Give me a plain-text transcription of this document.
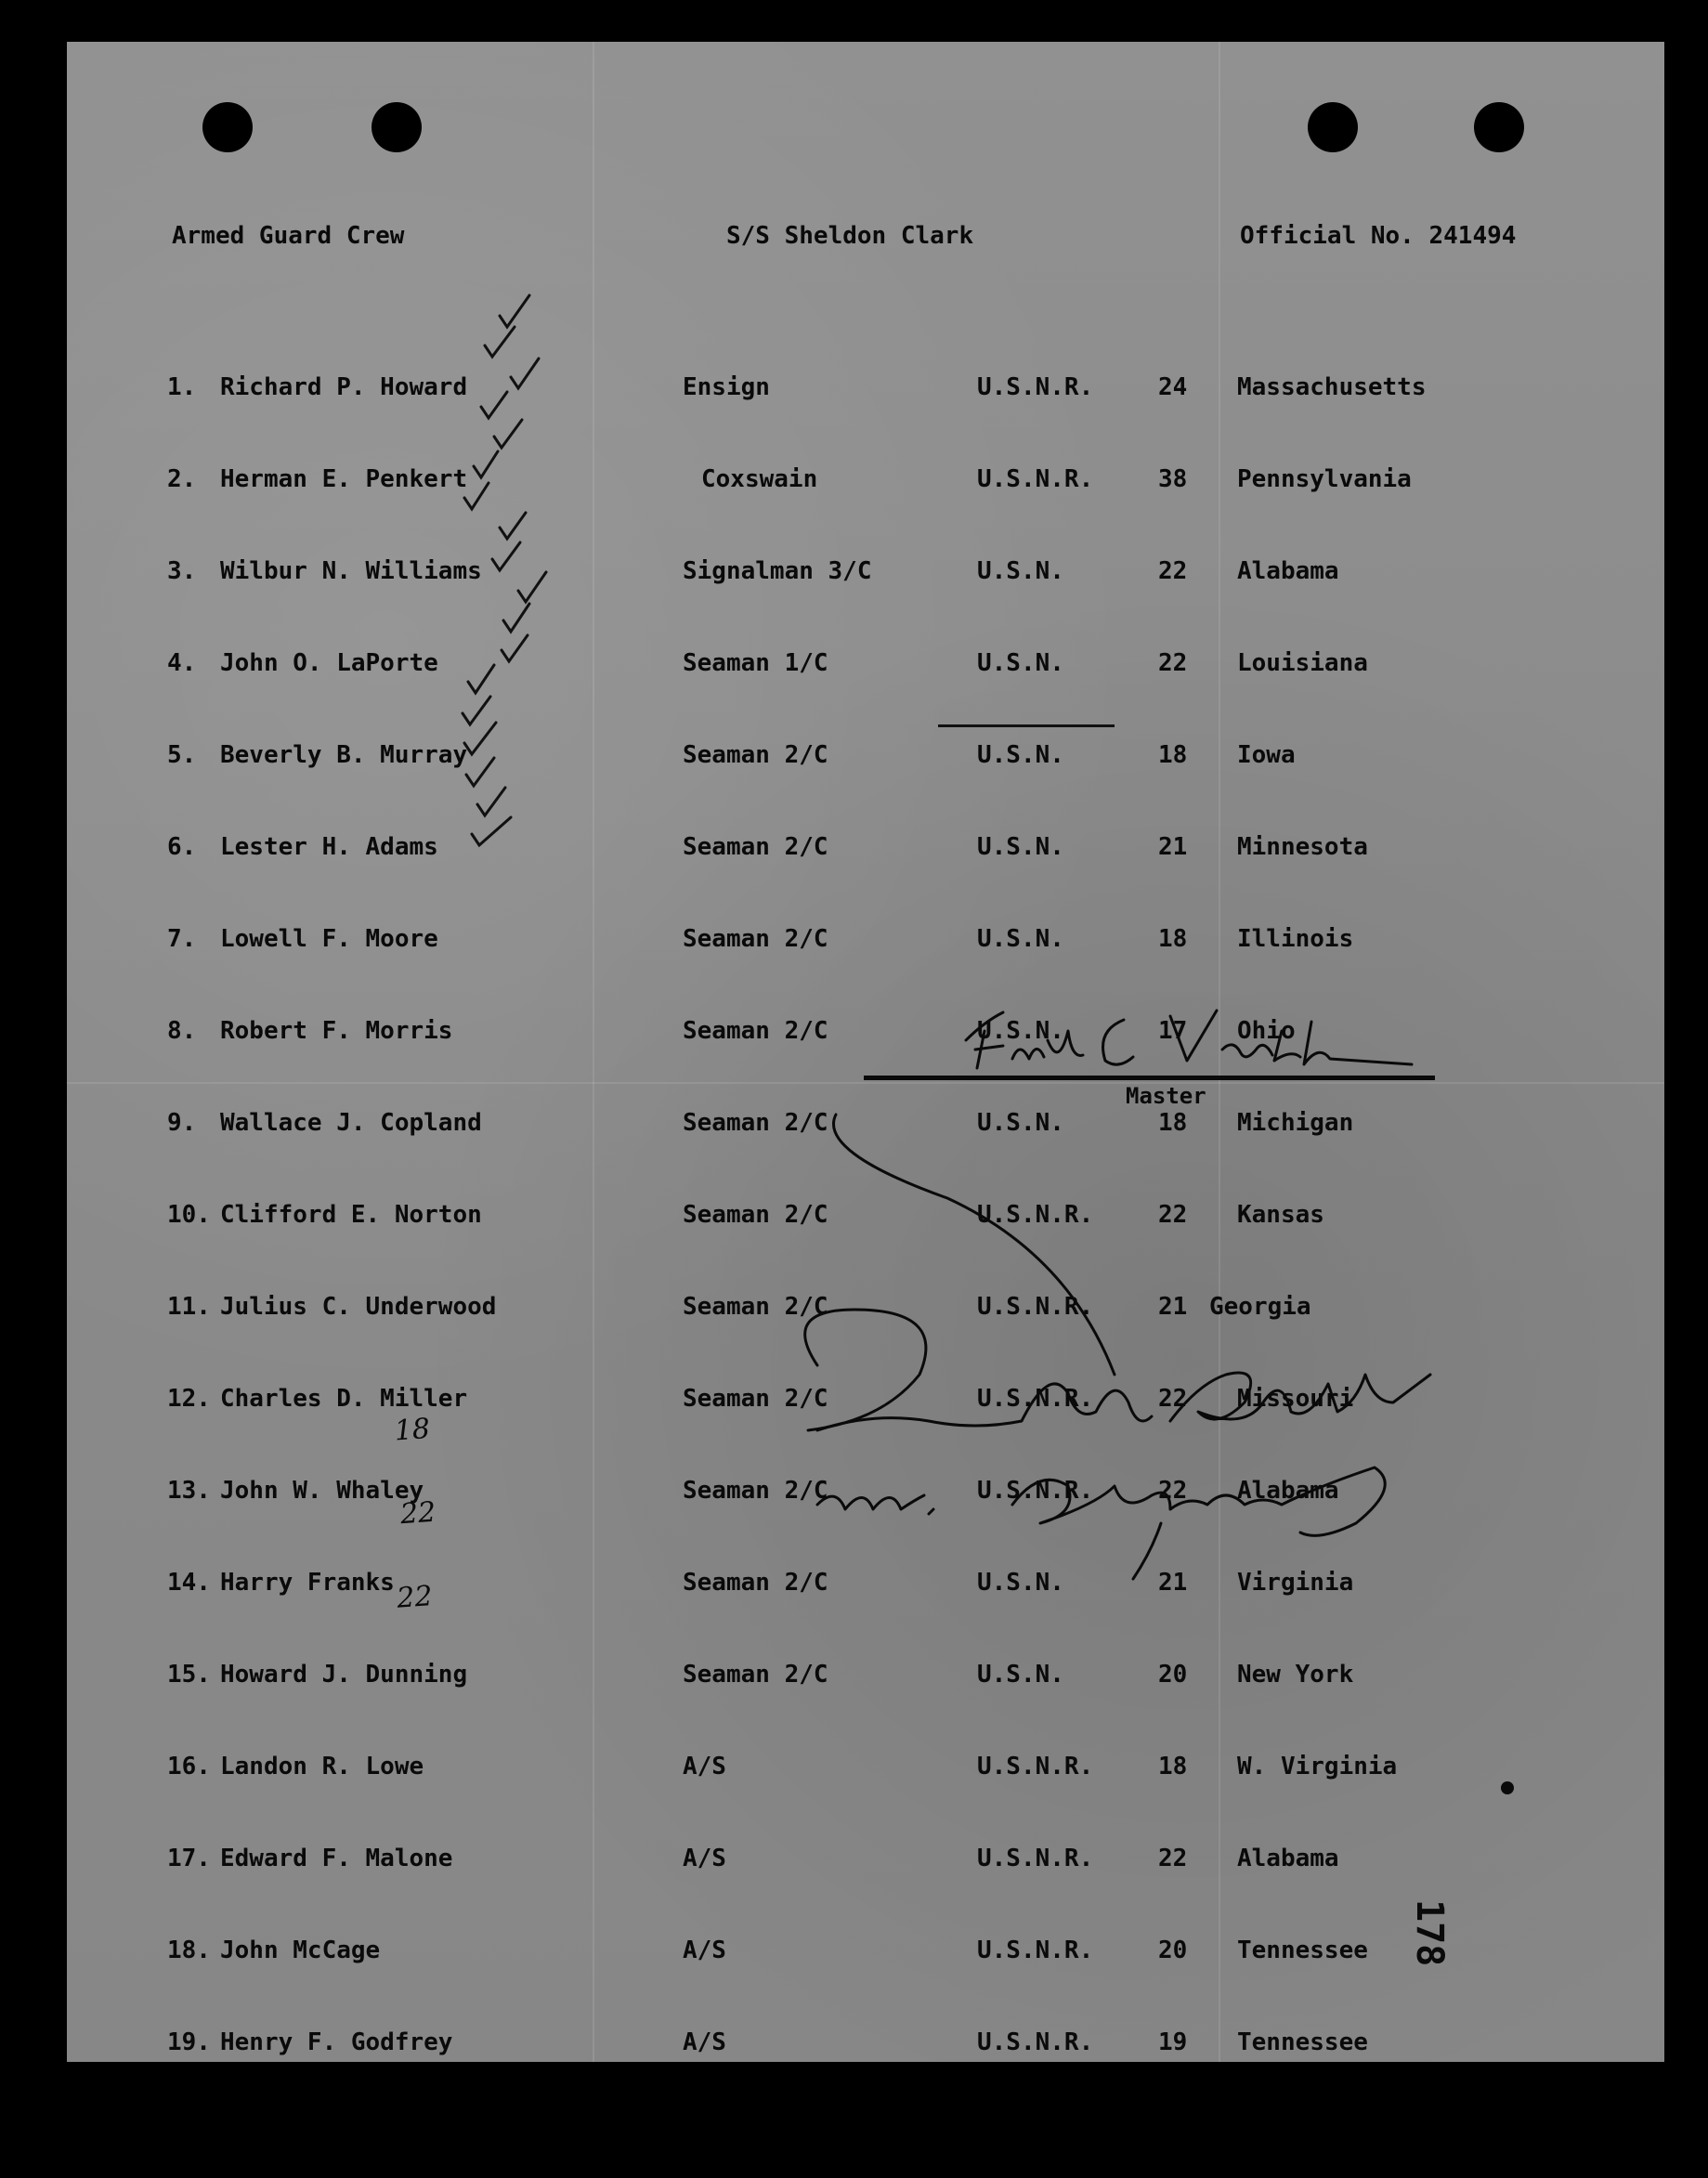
Armed Guard Crew	S/S Sheldon Clark	Official No. 241494

1.

2.

3.

4.

5.

6.

7.

8.

9.

10.

11.

12.

13.

14.

15.

16.

17.

18.

19.

Richard P. Howard

Herman E. Penkert

Wilbur N. Williams

John O. LaPorte

Beverly B. Murray

Lester H. Adams

Lowell F. Moore

Robert F. Morris

Wallace J. Copland

Clifford E. Norton

Julius C. Underwood

Charles D. Miller

John W. Whaley

Harry Franks

Howard J. Dunning

Landon R. Lowe

Edward F. Malone

John McCage

Henry F. Godfrey

Ensign

Coxswain

Signalman 3/C

Seaman 1/C

Seaman 2/C

Seaman 2/C

Seaman 2/C

Seaman 2/C

Seaman 2/C

Seaman 2/C

Seaman 2/C

Seaman 2/C

Seaman 2/C

Seaman 2/C

Seaman 2/C

A/S

A/S

A/S

A/S

U.S.N.R.

U.S.N.R.

U.S.N.

U.S.N.

U.S.N.

U.S.N.

U.S.N.

U.S.N.

U.S.N.

U.S.N.R.

U.S.N.R.

U.S.N.R.

U.S.N.R.

U.S.N.

U.S.N.

U.S.N.R.

U.S.N.R.

U.S.N.R.

U.S.N.R.

24

38

22

22

18

21

18

17

18

22

21

22

22

21

20

18

22

20

19

Massachusetts

Pennsylvania

Alabama

Louisiana

Iowa

Minnesota

Illinois

Ohio

Michigan

Kansas

Georgia

Missouri

Alabama

Virginia

New York

W. Virginia

Alabama

Tennessee

Tennessee

Master

18

22

22

178
